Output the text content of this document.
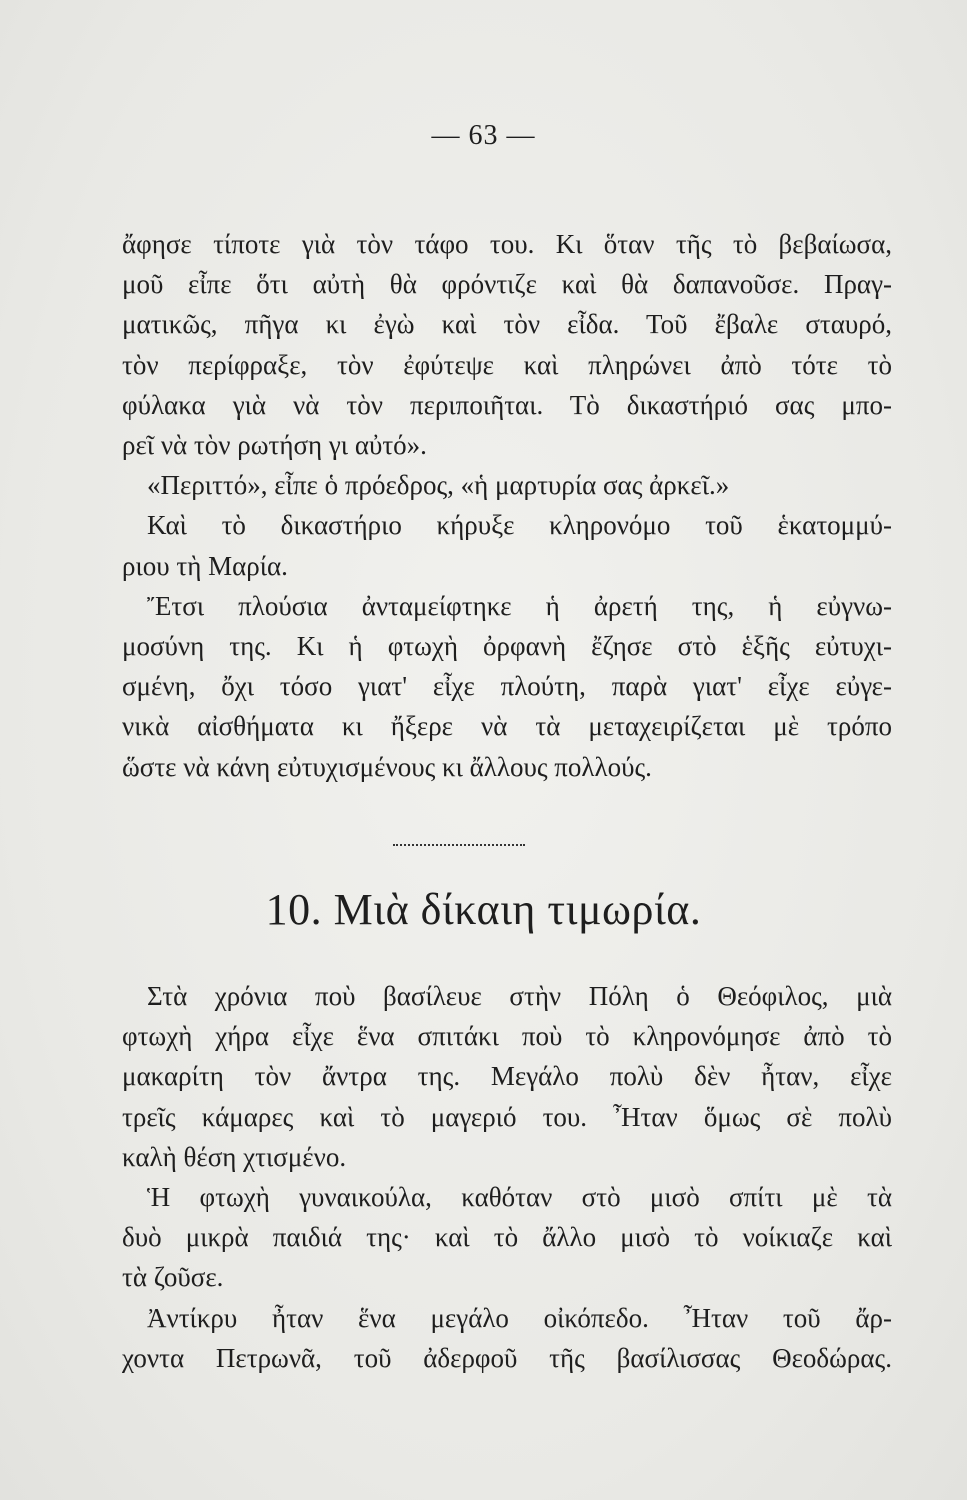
— 63 —
ἄφησε τίποτε γιὰ τὸν τάφο του. Κι ὅταν τῆς τὸ βεβαίωσα,
μοῦ εἶπε ὅτι αὐτὴ θὰ φρόντιζε καὶ θὰ δαπανοῦσε. Πραγ-
ματικῶς, πῆγα κι ἐγὼ καὶ τὸν εἶδα. Τοῦ ἔβαλε σταυρό,
τὸν περίφραξε, τὸν ἐφύτεψε καὶ πληρώνει ἀπὸ τότε τὸ
φύλακα γιὰ νὰ τὸν περιποιῆται. Τὸ δικαστήριό σας μπο-
ρεῖ νὰ τὸν ρωτήση γι αὐτό».
«Περιττό», εἶπε ὁ πρόεδρος, «ἡ μαρτυρία σας ἀρκεῖ.»
Καὶ τὸ δικαστήριο κήρυξε κληρονόμο τοῦ ἑκατομμύ-
ριου τὴ Μαρία.
Ἔτσι πλούσια ἀνταμείφτηκε ἡ ἀρετή της, ἡ εὐγνω-
μοσύνη της. Κι ἡ φτωχὴ ὀρφανὴ ἔζησε στὸ ἑξῆς εὐτυχι-
σμένη, ὄχι τόσο γιατ' εἶχε πλούτη, παρὰ γιατ' εἶχε εὐγε-
νικὰ αἰσθήματα κι ἤξερε νὰ τὰ μεταχειρίζεται μὲ τρόπο
ὥστε νὰ κάνη εὐτυχισμένους κι ἄλλους πολλούς.
10. Μιὰ δίκαιη τιμωρία.
Στὰ χρόνια ποὺ βασίλευε στὴν Πόλη ὁ Θεόφιλος, μιὰ
φτωχὴ χήρα εἶχε ἕνα σπιτάκι ποὺ τὸ κληρονόμησε ἀπὸ τὸ
μακαρίτη τὸν ἄντρα της. Μεγάλο πολὺ δὲν ἦταν, εἶχε
τρεῖς κάμαρες καὶ τὸ μαγεριό του. Ἦταν ὅμως σὲ πολὺ
καλὴ θέση χτισμένο.
Ἡ φτωχὴ γυναικούλα, καθόταν στὸ μισὸ σπίτι μὲ τὰ
δυὸ μικρὰ παιδιά της· καὶ τὸ ἄλλο μισὸ τὸ νοίκιαζε καὶ
τὰ ζοῦσε.
Ἀντίκρυ ἦταν ἕνα μεγάλο οἰκόπεδο. Ἦταν τοῦ ἄρ-
χοντα Πετρωνᾶ, τοῦ ἀδερφοῦ τῆς βασίλισσας Θεοδώρας.
